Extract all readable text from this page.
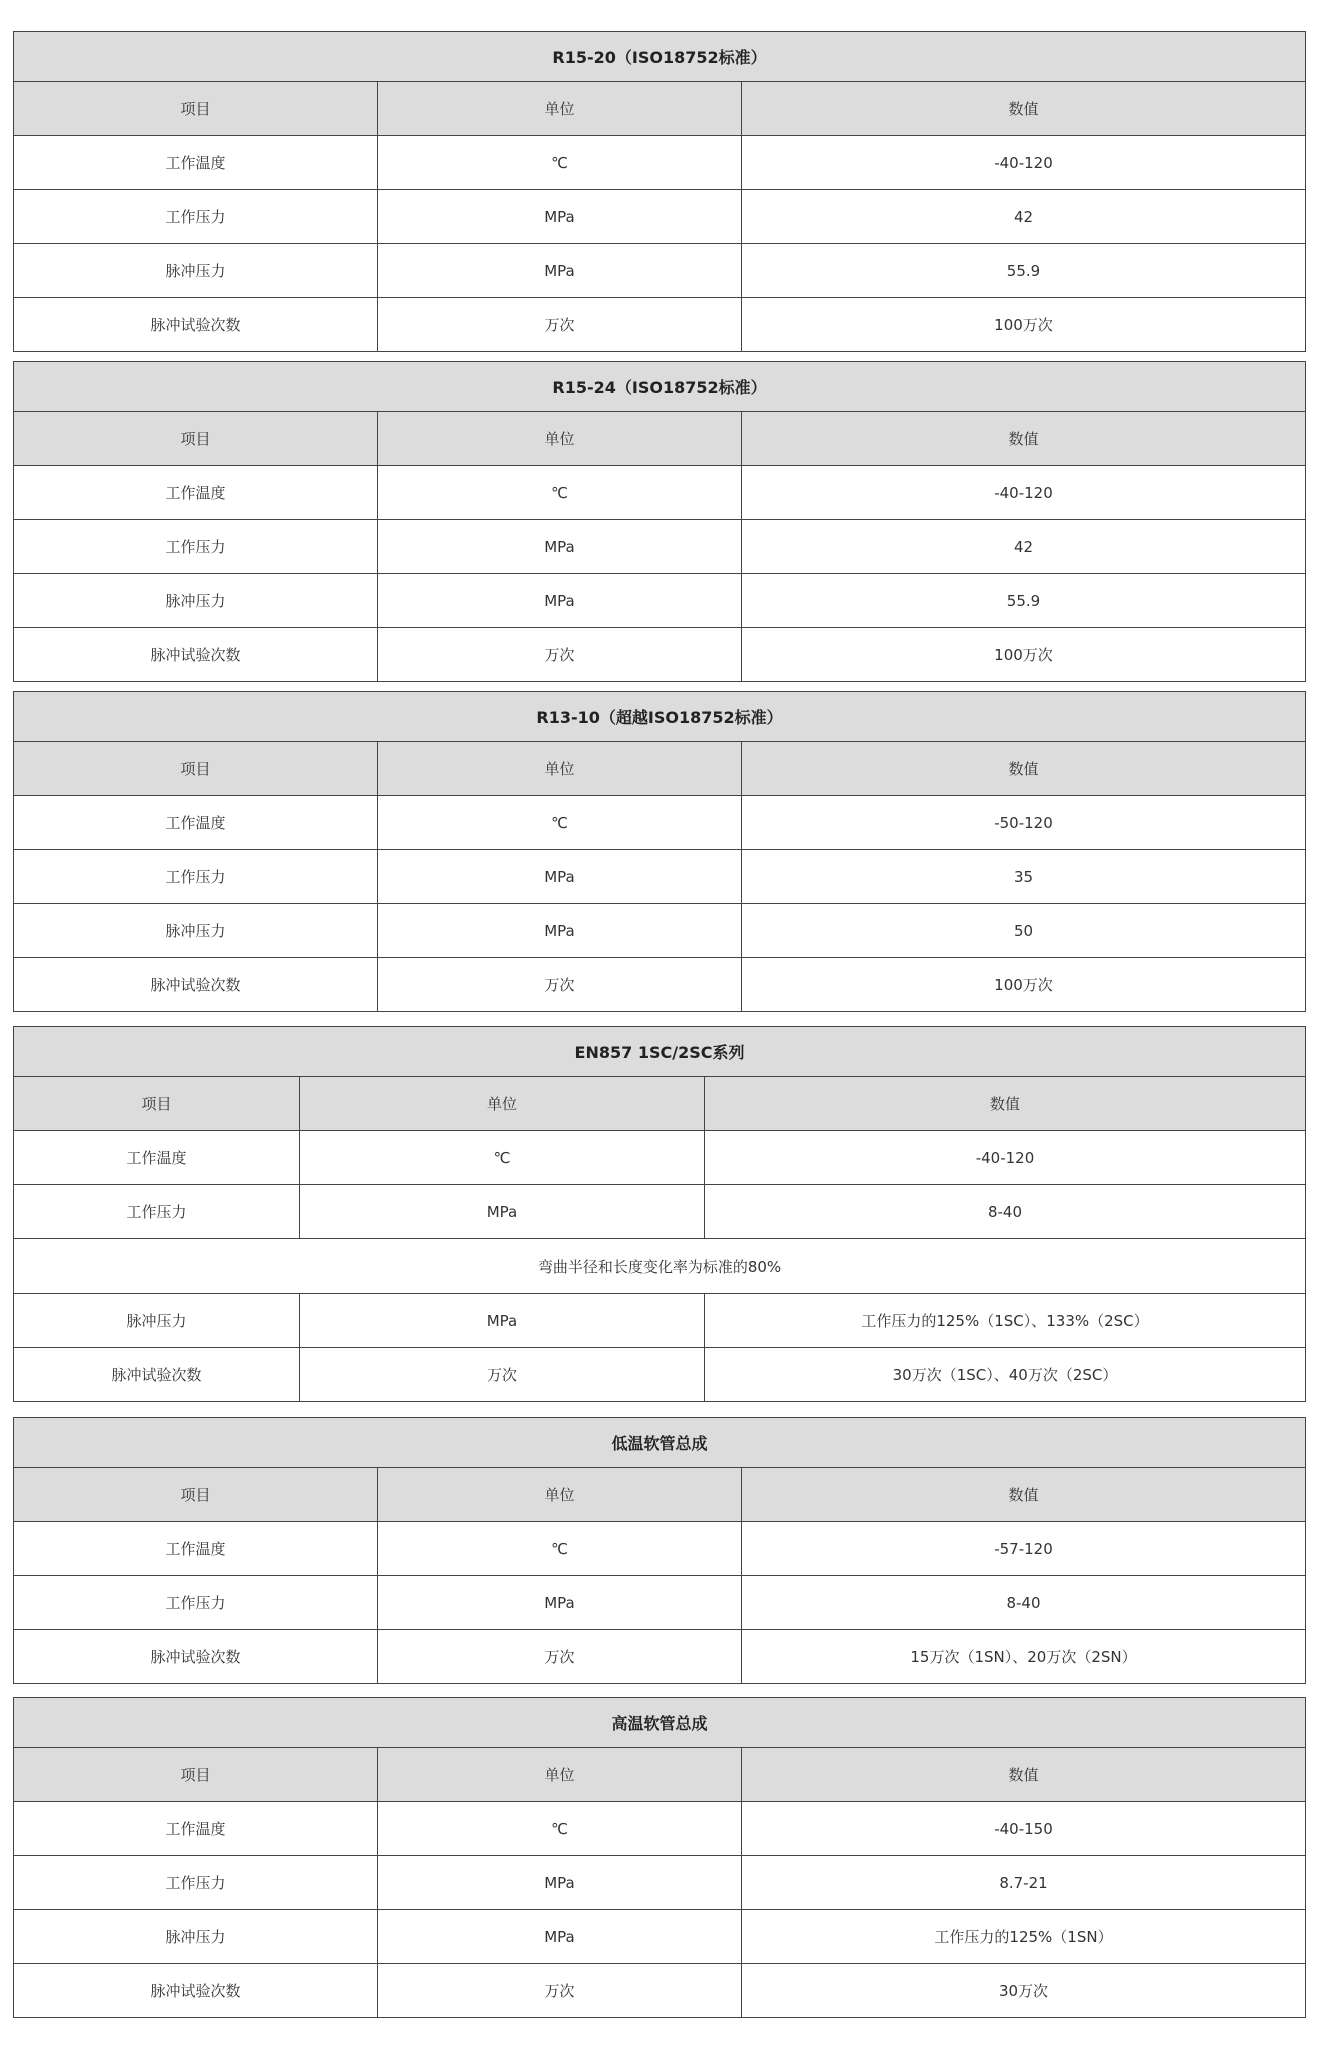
R15-20（ISO18752标准）		
项目	单位	数值
工作温度	℃	-40-120
工作压力	MPa	42
脉冲压力	MPa	55.9
脉冲试验次数	万次	100万次
R15-24（ISO18752标准）		
项目	单位	数值
工作温度	℃	-40-120
工作压力	MPa	42
脉冲压力	MPa	55.9
脉冲试验次数	万次	100万次
R13-10（超越ISO18752标准）		
项目	单位	数值
工作温度	℃	-50-120
工作压力	MPa	35
脉冲压力	MPa	50
脉冲试验次数	万次	100万次
EN857 1SC/2SC系列		
项目	单位	数值
工作温度	℃	-40-120
工作压力	MPa	8-40
弯曲半径和长度变化率为标准的80%		
脉冲压力	MPa	工作压力的125%（1SC）、133%（2SC）
脉冲试验次数	万次	30万次（1SC）、40万次（2SC）
低温软管总成		
项目	单位	数值
工作温度	℃	-57-120
工作压力	MPa	8-40
脉冲试验次数	万次	15万次（1SN）、20万次（2SN）
高温软管总成		
项目	单位	数值
工作温度	℃	-40-150
工作压力	MPa	8.7-21
脉冲压力	MPa	工作压力的125%（1SN）
脉冲试验次数	万次	30万次
